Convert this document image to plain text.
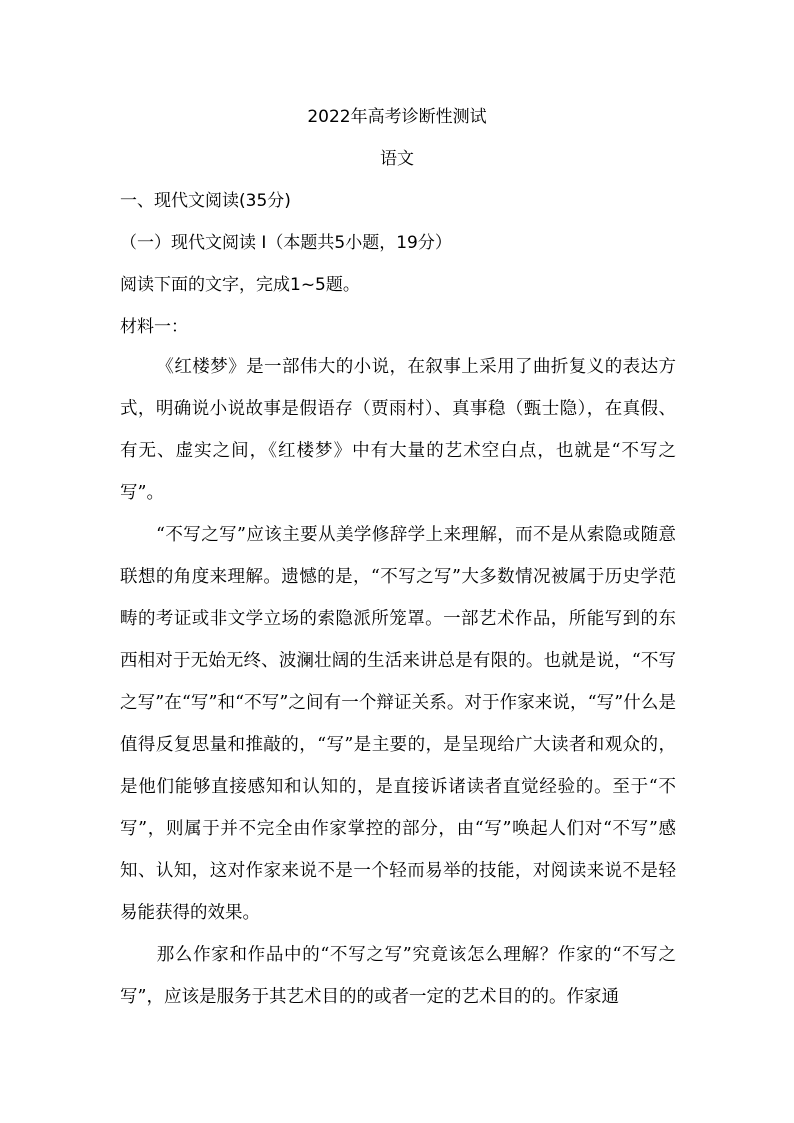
2022年高考诊断性测试
语文
一、现代文阅读(35分)
（一）现代文阅读 I（本题共5小题，19分）
阅读下面的文字，完成1~5题。
材料一：
《红楼梦》是一部伟大的小说，在叙事上采用了曲折复义的表达方式，明确说小说故事是假语存（贾雨村）、真事稳（甄士隐），在真假、有无、虚实之间，《红楼梦》中有大量的艺术空白点，也就是“不写之写”。
“不写之写”应该主要从美学修辞学上来理解，而不是从索隐或随意联想的角度来理解。遗憾的是，“不写之写”大多数情况被属于历史学范畴的考证或非文学立场的索隐派所笼罩。一部艺术作品，所能写到的东西相对于无始无终、波澜壮阔的生活来讲总是有限的。也就是说，“不写之写”在“写”和“不写”之间有一个辩证关系。对于作家来说，“写”什么是值得反复思量和推敲的，“写”是主要的，是呈现给广大读者和观众的，是他们能够直接感知和认知的，是直接诉诸读者直觉经验的。至于“不写”，则属于并不完全由作家掌控的部分，由“写”唤起人们对“不写”感知、认知，这对作家来说不是一个轻而易举的技能，对阅读来说不是轻易能获得的效果。
那么作家和作品中的“不写之写”究竟该怎么理解？作家的“不写之写”，应该是服务于其艺术目的的或者一定的艺术目的的。作家通
